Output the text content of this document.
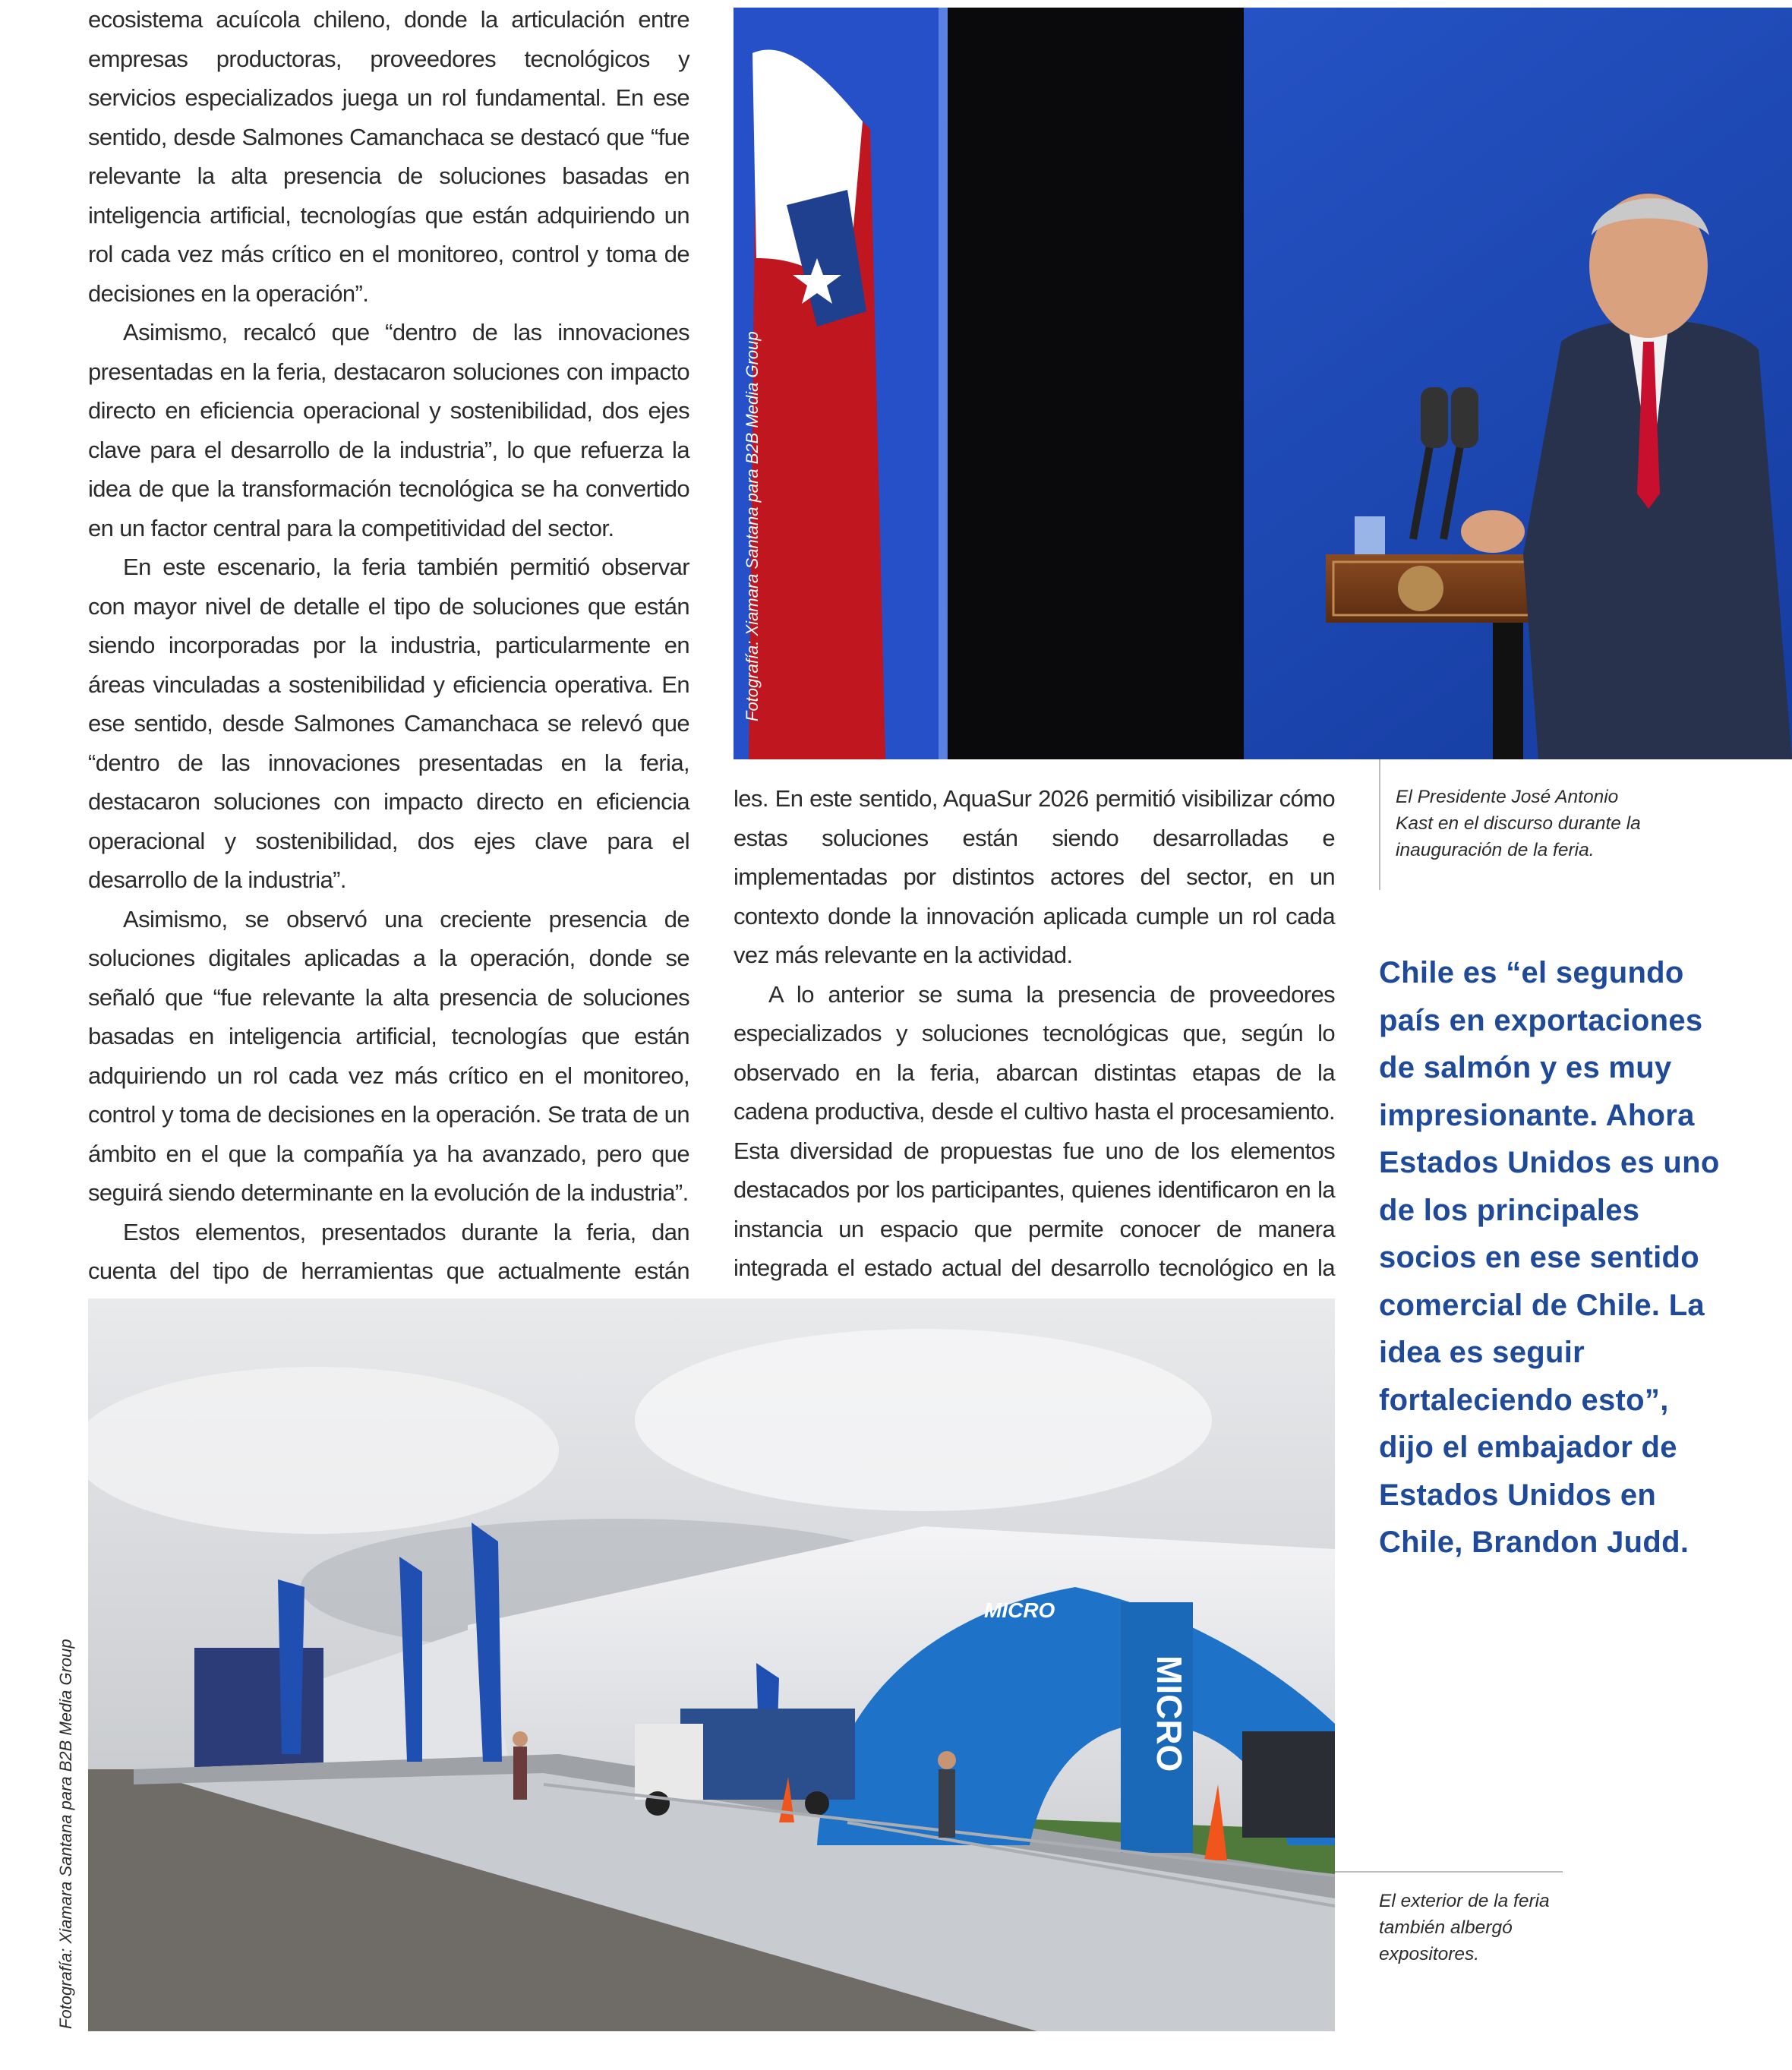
ecosistema acuícola chileno, donde la articulación entre empresas productoras, proveedores tecnológicos y servicios especializados juega un rol fundamental. En ese sentido, desde Salmones Camanchaca se destacó que “fue relevante la alta presencia de soluciones basadas en inteligencia artificial, tecnologías que están adquiriendo un rol cada vez más crítico en el monitoreo, control y toma de decisiones en la operación”.

Asimismo, recalcó que “dentro de las innovaciones presentadas en la feria, destacaron soluciones con impacto directo en eficiencia operacional y sostenibilidad, dos ejes clave para el desarrollo de la industria”, lo que refuerza la idea de que la transformación tecnológica se ha convertido en un factor central para la competitividad del sector.

En este escenario, la feria también permitió observar con mayor nivel de detalle el tipo de soluciones que están siendo incorporadas por la industria, particularmente en áreas vinculadas a sostenibilidad y eficiencia operativa. En ese sentido, desde Salmones Camanchaca se relevó que “dentro de las innovaciones presentadas en la feria, destacaron soluciones con impacto directo en eficiencia operacional y sostenibilidad, dos ejes clave para el desarrollo de la industria”.

Asimismo, se observó una creciente presencia de soluciones digitales aplicadas a la operación, donde se señaló que “fue relevante la alta presencia de soluciones basadas en inteligencia artificial, tecnologías que están adquiriendo un rol cada vez más crítico en el monitoreo, control y toma de decisiones en la operación. Se trata de un ámbito en el que la compañía ya ha avanzado, pero que seguirá siendo determinante en la evolución de la industria”.

Estos elementos, presentados durante la feria, dan cuenta del tipo de herramientas que actualmente están

Fotografía: Xiamara Santana para B2B Media Group
El Presidente José Antonio Kast en el discurso durante la inauguración de la feria.

les. En este sentido, AquaSur 2026 permitió visibilizar cómo estas soluciones están siendo desarrolladas e implementadas por distintos actores del sector, en un contexto donde la innovación aplicada cumple un rol cada vez más relevante en la actividad.

A lo anterior se suma la presencia de proveedores especializados y soluciones tecnológicas que, según lo observado en la feria, abarcan distintas etapas de la cadena productiva, desde el cultivo hasta el procesamiento. Esta diversidad de propuestas fue uno de los elementos destacados por los participantes, quienes identificaron en la instancia un espacio que permite conocer de manera integrada el estado actual del desarrollo tecnológico en la

Chile es “el segundo país en exportaciones de salmón y es muy impresionante. Ahora Estados Unidos es uno de los principales socios en ese sentido comercial de Chile. La idea es seguir fortaleciendo esto”, dijo el embajador de Estados Unidos en Chile, Brandon Judd.
MICRO
MICRO
Fotografía: Xiamara Santana para B2B Media Group	El exterior de la feria también albergó expositores.
